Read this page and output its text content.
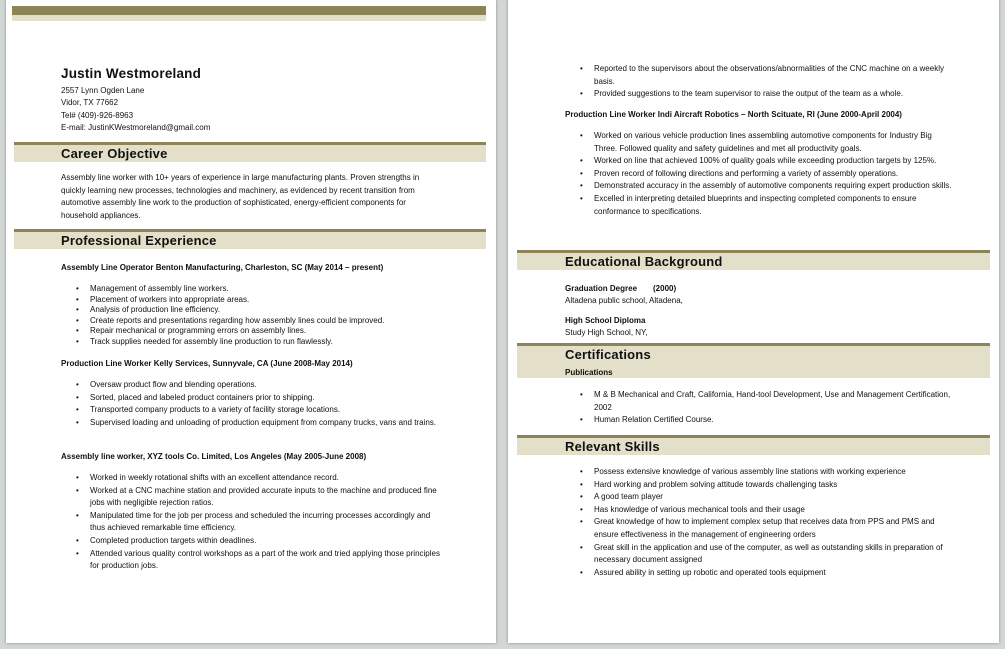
Justin Westmoreland
2557 Lynn Ogden Lane
Vidor, TX 77662
Tel# (409)-926-8963
E-mail: JustinKWestmoreland@gmail.com
Career Objective
Assembly line worker with 10+ years of experience in large manufacturing plants. Proven strengths in
quickly learning new processes, technologies and machinery, as evidenced by recent transition from
automotive assembly line work to the production of sophisticated, energy-efficient components for
household appliances.
Professional Experience
Assembly Line Operator Benton Manufacturing, Charleston, SC (May 2014 – present)
• Management of assembly line workers.
• Placement of workers into appropriate areas.
• Analysis of production line efficiency.
• Create reports and presentations regarding how assembly lines could be improved.
• Repair mechanical or programming errors on assembly lines.
• Track supplies needed for assembly line production to run flawlessly.
Production Line Worker Kelly Services, Sunnyvale, CA (June 2008-May 2014)
• Oversaw product flow and blending operations.
• Sorted, placed and labeled product containers prior to shipping.
• Transported company products to a variety of facility storage locations.
• Supervised loading and unloading of production equipment from company trucks, vans and trains.
Assembly line worker, XYZ tools Co. Limited, Los Angeles (May 2005-June 2008)
• Worked in weekly rotational shifts with an excellent attendance record.
• Worked at a CNC machine station and provided accurate inputs to the machine and produced fine jobs with negligible rejection ratios.
• Manipulated time for the job per process and scheduled the incurring processes accordingly and thus achieved remarkable time efficiency.
• Completed production targets within deadlines.
• Attended various quality control workshops as a part of the work and tried applying those principles for production jobs.
• Reported to the supervisors about the observations/abnormalities of the CNC machine on a weekly basis.
• Provided suggestions to the team supervisor to raise the output of the team as a whole.
Production Line Worker Indi Aircraft Robotics – North Scituate, RI (June 2000-April 2004)
• Worked on various vehicle production lines assembling automotive components for Industry Big Three. Followed quality and safety guidelines and met all productivity goals.
• Worked on line that achieved 100% of quality goals while exceeding production targets by 125%.
• Proven record of following directions and performing a variety of assembly operations.
• Demonstrated accuracy in the assembly of automotive components requiring expert production skills.
• Excelled in interpreting detailed blueprints and inspecting completed components to ensure conformance to specifications.
Educational Background
Graduation Degree (2000)
Altadena public school, Altadena,
High School Diploma
Study High School, NY,
Certifications
Publications
• M & B Mechanical and Craft, California, Hand-tool Development, Use and Management Certification, 2002
• Human Relation Certified Course.
Relevant Skills
• Possess extensive knowledge of various assembly line stations with working experience
• Hard working and problem solving attitude towards challenging tasks
• A good team player
• Has knowledge of various mechanical tools and their usage
• Great knowledge of how to implement complex setup that receives data from PPS and PMS and ensure effectiveness in the management of engineering orders
• Great skill in the application and use of the computer, as well as outstanding skills in preparation of necessary document assigned
• Assured ability in setting up robotic and operated tools equipment
